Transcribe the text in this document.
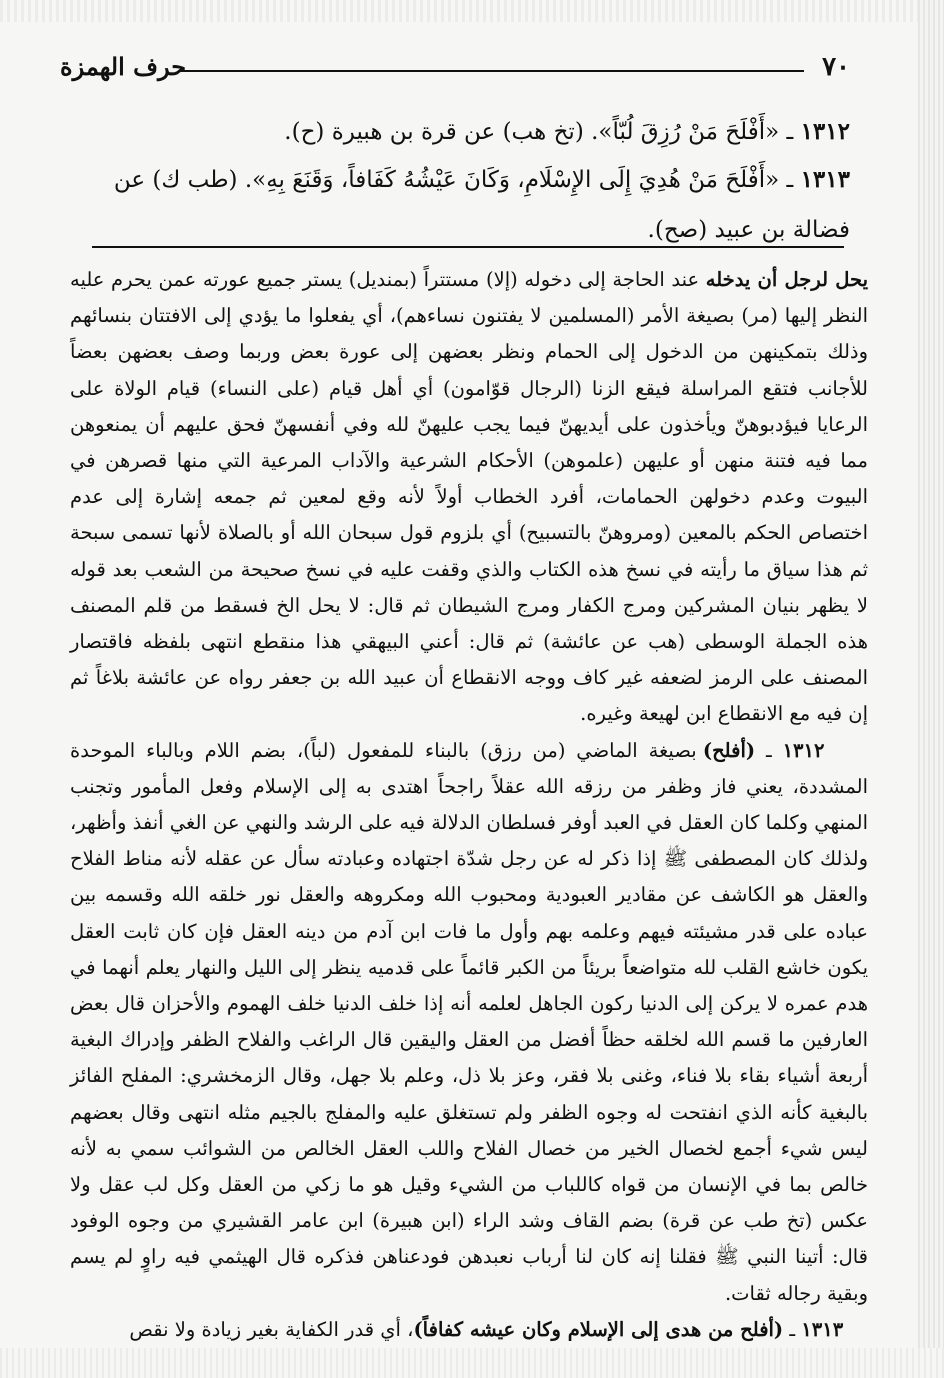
٧٠
حرف الهمزة

١٣١٢ ـ «أَفْلَحَ مَنْ رُزِقَ لُبّاً». (تخ هب) عن قرة بن هبيرة (ح).

١٣١٣ ـ «أَفْلَحَ مَنْ هُدِيَ إِلَى الإِسْلَامِ، وَكَانَ عَيْشُهُ كَفَافاً، وَقَنَعَ بِهِ». (طب ك) عن فضالة بن عبيد (صح).

يحل لرجل أن يدخله عند الحاجة إلى دخوله (إلا) مستتراً (بمنديل) يستر جميع عورته عمن يحرم عليه النظر إليها (مر) بصيغة الأمر (المسلمين لا يفتنون نساءهم)، أي يفعلوا ما يؤدي إلى الافتتان بنسائهم وذلك بتمكينهن من الدخول إلى الحمام ونظر بعضهن إلى عورة بعض وربما وصف بعضهن بعضاً للأجانب فتقع المراسلة فيقع الزنا (الرجال قوّامون) أي أهل قيام (على النساء) قيام الولاة على الرعايا فيؤدبوهنّ ويأخذون على أيديهنّ فيما يجب عليهنّ لله وفي أنفسهنّ فحق عليهم أن يمنعوهن مما فيه فتنة منهن أو عليهن (علموهن) الأحكام الشرعية والآداب المرعية التي منها قصرهن في البيوت وعدم دخولهن الحمامات، أفرد الخطاب أولاً لأنه وقع لمعين ثم جمعه إشارة إلى عدم اختصاص الحكم بالمعين (ومروهنّ بالتسبيح) أي بلزوم قول سبحان الله أو بالصلاة لأنها تسمى سبحة ثم هذا سياق ما رأيته في نسخ هذه الكتاب والذي وقفت عليه في نسخ صحيحة من الشعب بعد قوله لا يظهر بنيان المشركين ومرج الكفار ومرج الشيطان ثم قال: لا يحل الخ فسقط من قلم المصنف هذه الجملة الوسطى (هب عن عائشة) ثم قال: أعني البيهقي هذا منقطع انتهى بلفظه فاقتصار المصنف على الرمز لضعفه غير كاف ووجه الانقطاع أن عبيد الله بن جعفر رواه عن عائشة بلاغاً ثم إن فيه مع الانقطاع ابن لهيعة وغيره.

١٣١٢ ـ (أفلح) بصيغة الماضي (من رزق) بالبناء للمفعول (لباً)، بضم اللام وبالباء الموحدة المشددة، يعني فاز وظفر من رزقه الله عقلاً راجحاً اهتدى به إلى الإسلام وفعل المأمور وتجنب المنهي وكلما كان العقل في العبد أوفر فسلطان الدلالة فيه على الرشد والنهي عن الغي أنفذ وأظهر، ولذلك كان المصطفى ﷺ إذا ذكر له عن رجل شدّة اجتهاده وعبادته سأل عن عقله لأنه مناط الفلاح والعقل هو الكاشف عن مقادير العبودية ومحبوب الله ومكروهه والعقل نور خلقه الله وقسمه بين عباده على قدر مشيئته فيهم وعلمه بهم وأول ما فات ابن آدم من دينه العقل فإن كان ثابت العقل يكون خاشع القلب لله متواضعاً بريئاً من الكبر قائماً على قدميه ينظر إلى الليل والنهار يعلم أنهما في هدم عمره لا يركن إلى الدنيا ركون الجاهل لعلمه أنه إذا خلف الدنيا خلف الهموم والأحزان قال بعض العارفين ما قسم الله لخلقه حظاً أفضل من العقل واليقين قال الراغب والفلاح الظفر وإدراك البغية أربعة أشياء بقاء بلا فناء، وغنى بلا فقر، وعز بلا ذل، وعلم بلا جهل، وقال الزمخشري: المفلح الفائز بالبغية كأنه الذي انفتحت له وجوه الظفر ولم تستغلق عليه والمفلج بالجيم مثله انتهى وقال بعضهم ليس شيء أجمع لخصال الخير من خصال الفلاح واللب العقل الخالص من الشوائب سمي به لأنه خالص بما في الإنسان من قواه كاللباب من الشيء وقيل هو ما زكي من العقل وكل لب عقل ولا عكس (تخ طب عن قرة) بضم القاف وشد الراء (ابن هبيرة) ابن عامر القشيري من وجوه الوفود قال: أتينا النبي ﷺ فقلنا إنه كان لنا أرباب نعبدهن فودعناهن فذكره قال الهيثمي فيه راوٍ لم يسم وبقية رجاله ثقات.

١٣١٣ ـ (أفلح من هدى إلى الإسلام وكان عيشه كفافاً)، أي قدر الكفاية بغير زيادة ولا نقص
